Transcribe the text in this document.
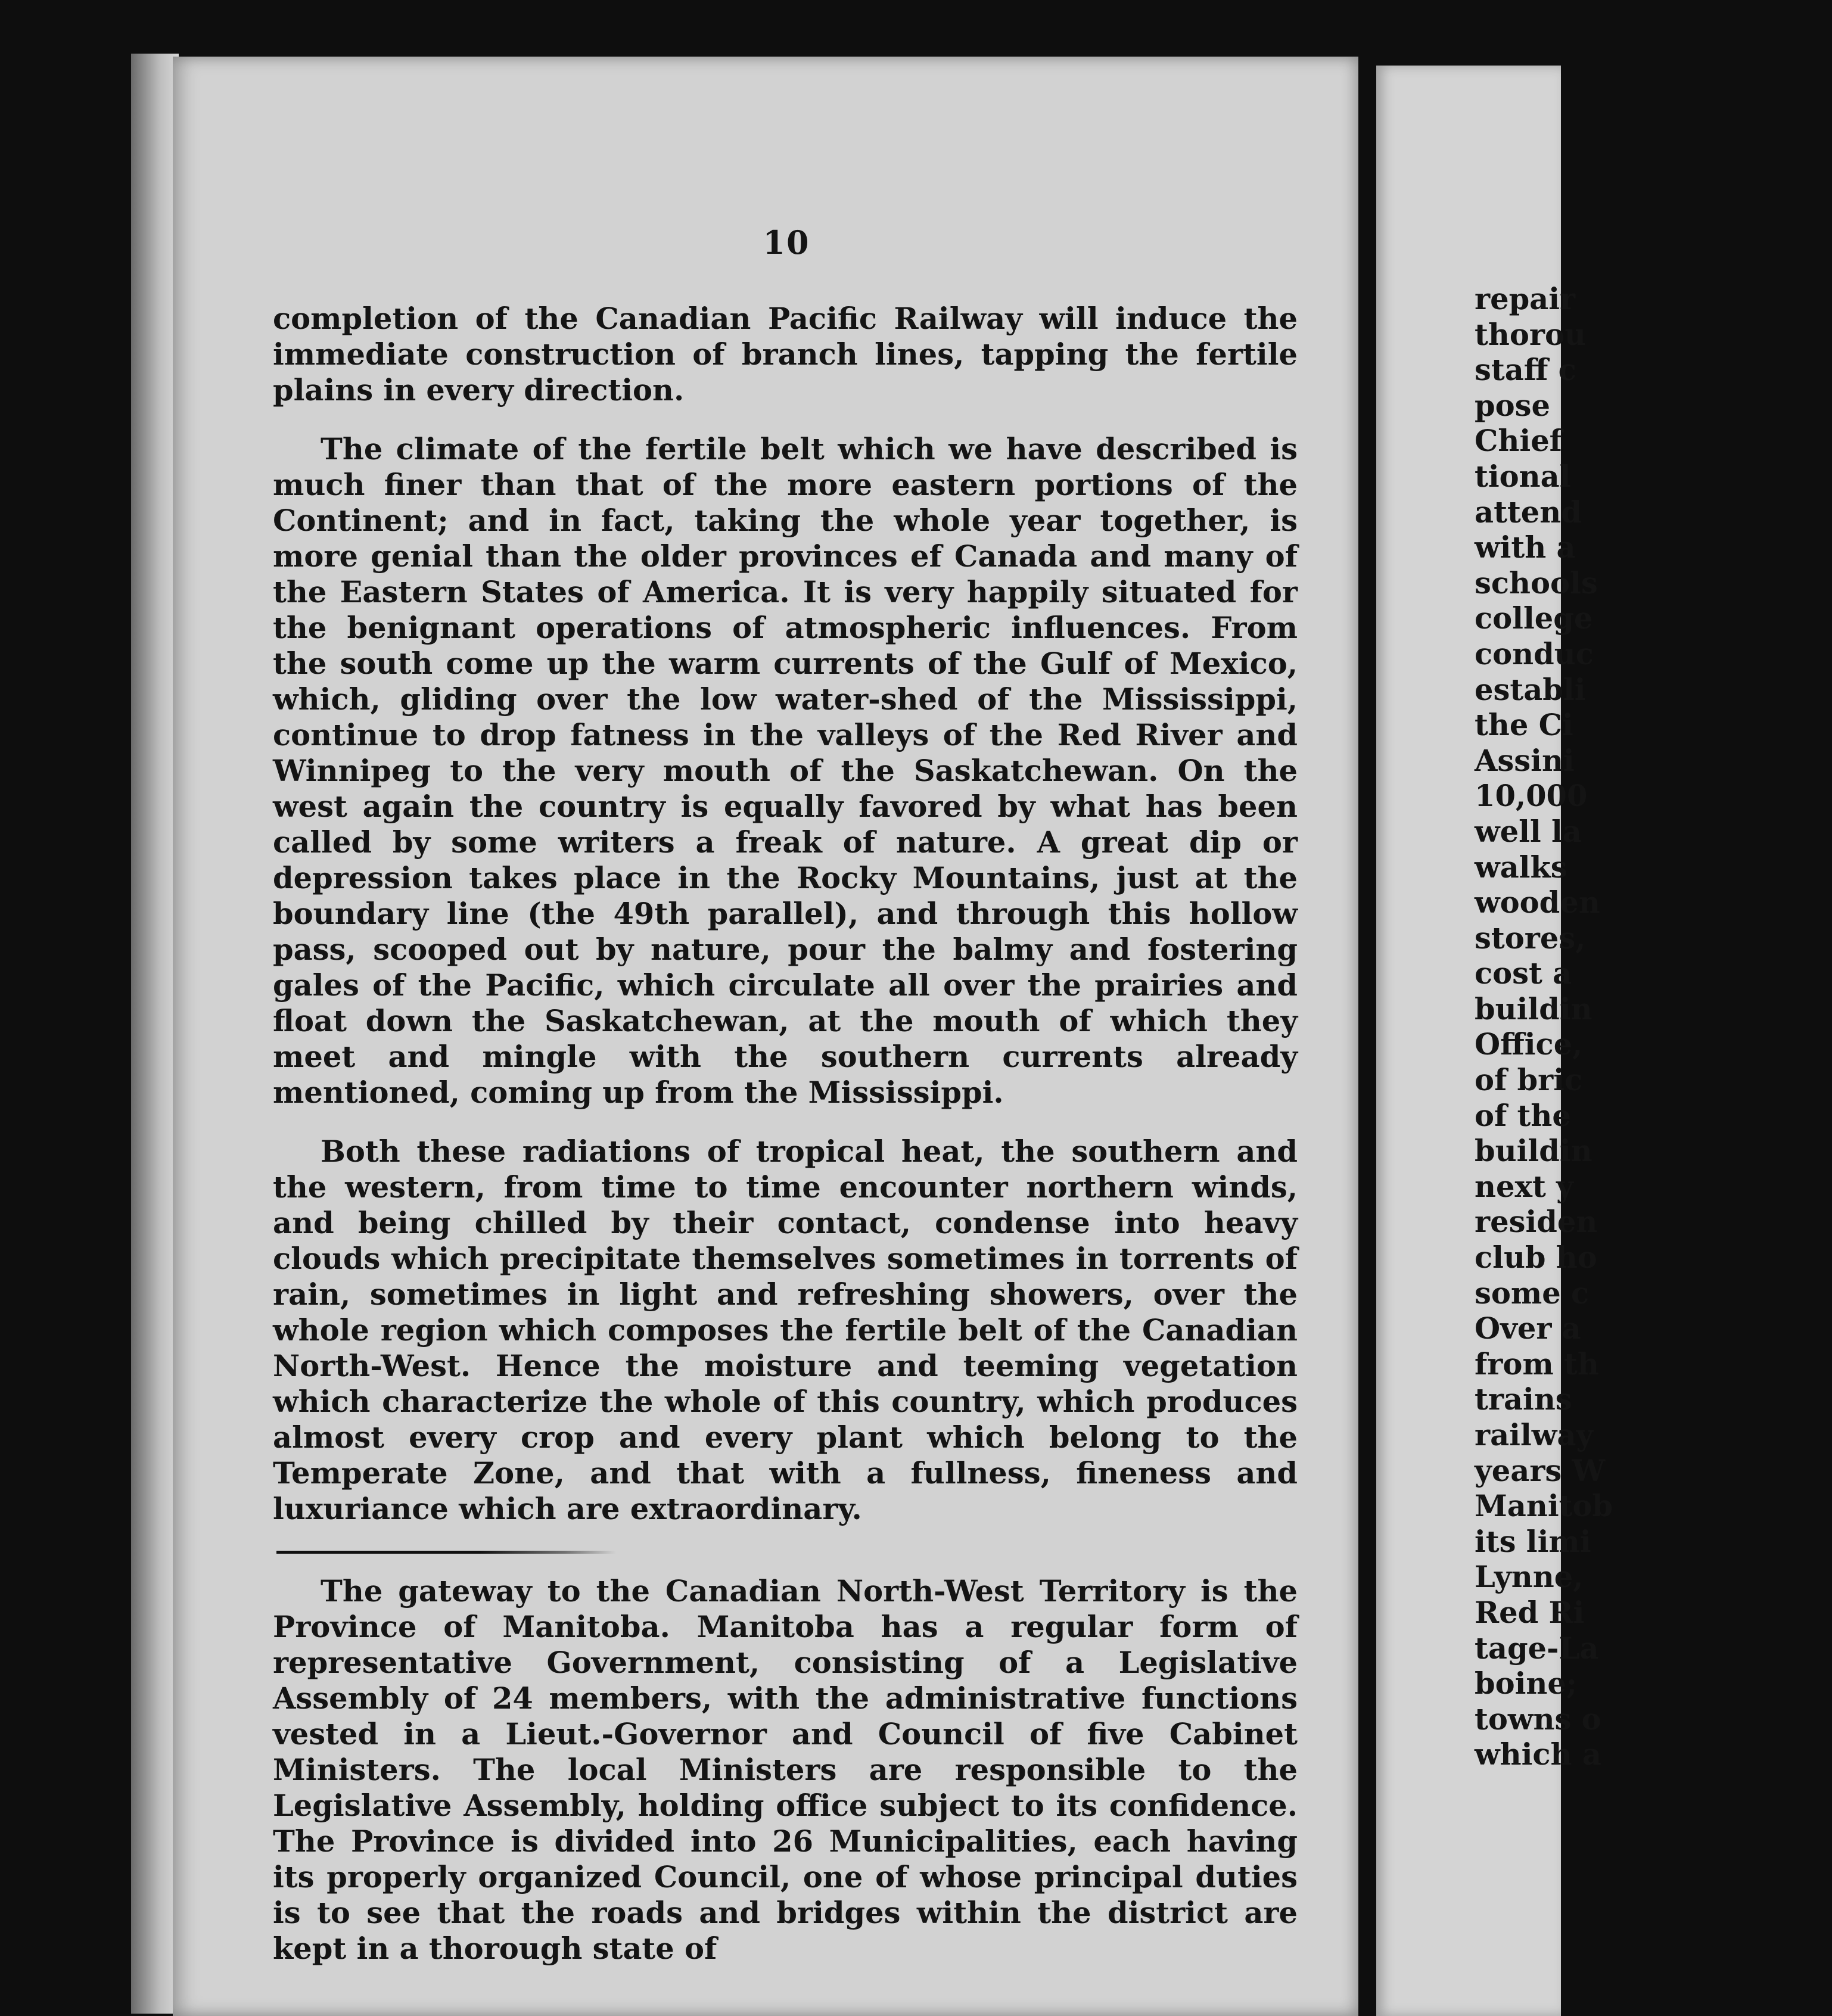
10

completion of the Canadian Pacific Railway will induce the immediate construction of branch lines, tapping the fertile plains in every direction.

The climate of the fertile belt which we have described is much finer than that of the more eastern portions of the Continent; and in fact, taking the whole year together, is more genial than the older provinces ef Canada and many of the Eastern States of America. It is very happily situated for the benignant operations of atmospheric influences. From the south come up the warm currents of the Gulf of Mexico, which, gliding over the low water-shed of the Mississippi, continue to drop fatness in the valleys of the Red River and Winnipeg to the very mouth of the Saskatchewan. On the west again the country is equally favored by what has been called by some writers a freak of nature. A great dip or depression takes place in the Rocky Mountains, just at the boundary line (the 49th parallel), and through this hollow pass, scooped out by nature, pour the balmy and fostering gales of the Pacific, which circulate all over the prairies and float down the Saskatchewan, at the mouth of which they meet and mingle with the southern currents already mentioned, coming up from the Mississippi.

Both these radiations of tropical heat, the southern and the western, from time to time encounter northern winds, and being chilled by their contact, condense into heavy clouds which precipitate themselves sometimes in torrents of rain, sometimes in light and refreshing showers, over the whole region which composes the fertile belt of the Canadian North-West. Hence the moisture and teeming vegetation which characterize the whole of this country, which produces almost every crop and every plant which belong to the Temperate Zone, and that with a fullness, fineness and luxuriance which are extraordinary.

The gateway to the Canadian North-West Territory is the Province of Manitoba. Manitoba has a regular form of representative Government, consisting of a Legislative Assembly of 24 members, with the administrative functions vested in a Lieut.-Governor and Council of five Cabinet Ministers. The local Ministers are responsible to the Legislative Assembly, holding office subject to its confidence. The Province is divided into 26 Municipalities, each having its properly organized Council, one of whose principal duties is to see that the roads and bridges within the district are kept in a thorough state of

repair
thorou
staff c
pose
Chief
tional
attend
with a
schools
college
conduc
establi
the Ci
Assini
10,000
well la
walks
wooden
stores,
cost a
buildin
Office,
of bric
of the
buildin
next y
residen
club ho
some c
Over a
from th
trains
railway
years W
Manitob
its limi
Lynne,
Red Ri
tage-La
boine;
towns o
which a
